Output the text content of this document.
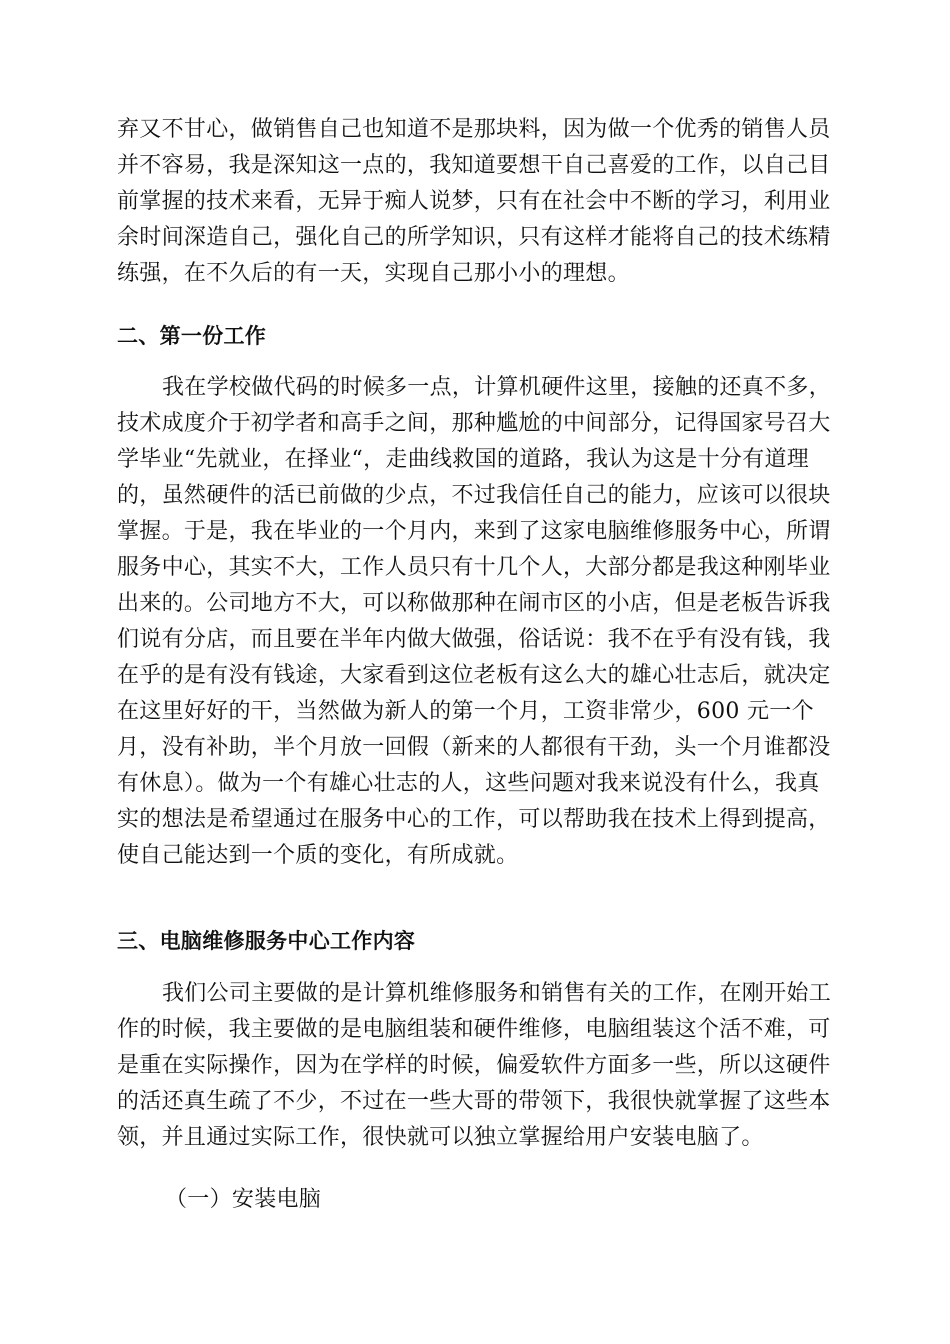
弃又不甘心，做销售自己也知道不是那块料，因为做一个优秀的销售人员
并不容易，我是深知这一点的，我知道要想干自己喜爱的工作，以自己目
前掌握的技术来看，无异于痴人说梦，只有在社会中不断的学习，利用业
余时间深造自己，强化自己的所学知识，只有这样才能将自己的技术练精
练强，在不久后的有一天，实现自己那小小的理想。
二、第一份工作
我在学校做代码的时候多一点，计算机硬件这里，接触的还真不多，
技术成度介于初学者和高手之间，那种尴尬的中间部分，记得国家号召大
学毕业“先就业，在择业“，走曲线救国的道路，我认为这是十分有道理
的，虽然硬件的活已前做的少点，不过我信任自己的能力，应该可以很块
掌握。于是，我在毕业的一个月内，来到了这家电脑维修服务中心，所谓
服务中心，其实不大，工作人员只有十几个人，大部分都是我这种刚毕业
出来的。公司地方不大，可以称做那种在闹市区的小店，但是老板告诉我
们说有分店，而且要在半年内做大做强，俗话说：我不在乎有没有钱，我
在乎的是有没有钱途，大家看到这位老板有这么大的雄心壮志后，就决定
在这里好好的干，当然做为新人的第一个月，工资非常少，600 元一个
月，没有补助，半个月放一回假（新来的人都很有干劲，头一个月谁都没
有休息）。做为一个有雄心壮志的人，这些问题对我来说没有什么，我真
实的想法是希望通过在服务中心的工作，可以帮助我在技术上得到提高，
使自己能达到一个质的变化，有所成就。
三、电脑维修服务中心工作内容
我们公司主要做的是计算机维修服务和销售有关的工作，在刚开始工
作的时候，我主要做的是电脑组装和硬件维修，电脑组装这个活不难，可
是重在实际操作，因为在学样的时候，偏爱软件方面多一些，所以这硬件
的活还真生疏了不少，不过在一些大哥的带领下，我很快就掌握了这些本
领，并且通过实际工作，很快就可以独立掌握给用户安装电脑了。
（一）安装电脑
